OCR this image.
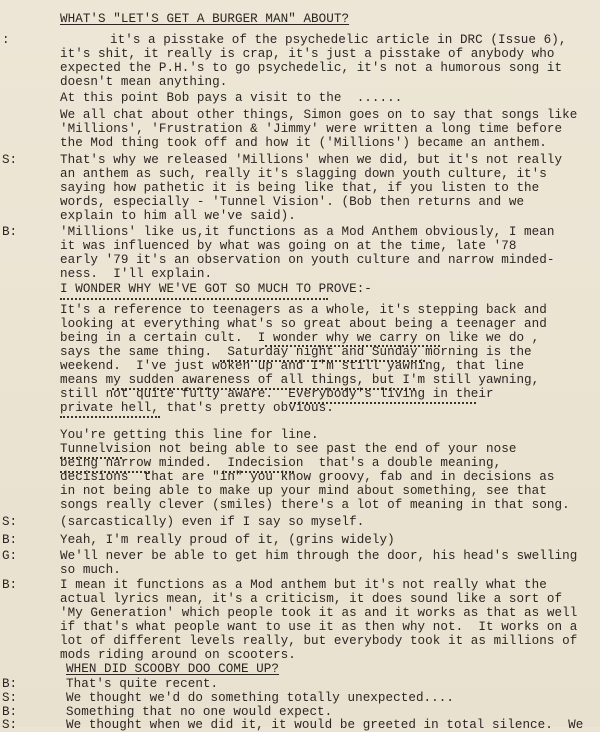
WHAT'S "LET'S GET A BURGER MAN" ABOUT?
:	it's a pisstake of the psychedelic article in DRC (Issue 6),
it's shit, it really is crap, it's just a pisstake of anybody who
expected the P.H.'s to go psychedelic, it's not a humorous song it
doesn't mean anything.
At this point Bob pays a visit to the  ......
We all chat about other things, Simon goes on to say that songs like
'Millions', 'Frustration & 'Jimmy' were written a long time before
the Mod thing took off and how it ('Millions') became an anthem.
S:	That's why we released 'Millions' when we did, but it's not really
an anthem as such, really it's slagging down youth culture, it's
saying how pathetic it is being like that, if you listen to the
words, especially - 'Tunnel Vision'. (Bob then returns and we
explain to him all we've said).
B:	'Millions' like us,it functions as a Mod Anthem obviously, I mean
it was influenced by what was going on at the time, late '78
early '79 it's an observation on youth culture and narrow minded-
ness.  I'll explain.
I WONDER WHY WE'VE GOT SO MUCH TO PROVE:-
It's a reference to teenagers as a whole, it's stepping back and
looking at everything what's so great about being a teenager and
being in a certain cult.  I wonder why we carry on like we do ,
says the same thing.  Saturday night and Sunday morning is the
weekend.  I've just woken up and I'm still yawning, that line
means my sudden awareness of all things, but I'm still yawning,
still not quite fully aware.  Everybody's living in their
private hell, that's pretty obvious.
You're getting this line for line.
Tunnelvision not being able to see past the end of your nose
being narrow minded.  Indecision  that's a double meaning,
decisions  that are "in" you know groovy, fab and in decisions as
in not being able to make up your mind about something, see that
songs really clever (smiles) there's a lot of meaning in that song.
S:	(sarcastically) even if I say so myself.
B:	Yeah, I'm really proud of it, (grins widely)
G:	We'll never be able to get him through the door, his head's swelling
so much.
B:	I mean it functions as a Mod anthem but it's not really what the
actual lyrics mean, it's a criticism, it does sound like a sort of
'My Generation' which people took it as and it works as that as well
if that's what people want to use it as then why not.  It works on a
lot of different levels really, but everybody took it as millions of
mods riding around on scooters.
WHEN DID SCOOBY DOO COME UP?
B:	That's quite recent.
S:	We thought we'd do something totally unexpected....
B:	Something that no one would expect.
S:	We thought when we did it, it would be greeted in total silence.  We
